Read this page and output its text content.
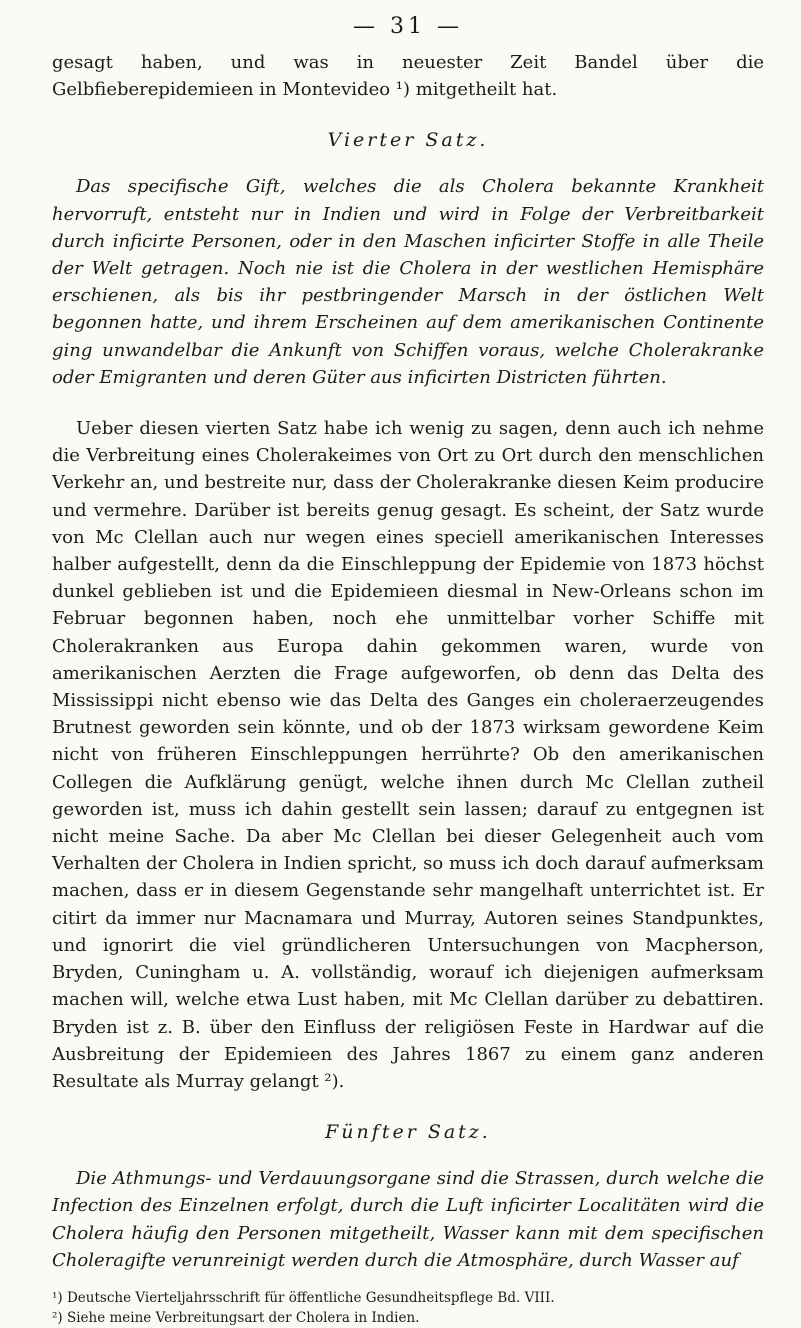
— 31 —

gesagt haben, und was in neuester Zeit Bandel über die Gelbfieberepidemieen in Montevideo ¹) mitgetheilt hat.

Vierter Satz.
Das specifische Gift, welches die als Cholera bekannte Krankheit hervorruft, entsteht nur in Indien und wird in Folge der Verbreitbarkeit durch inficirte Personen, oder in den Maschen inficirter Stoffe in alle Theile der Welt getragen. Noch nie ist die Cholera in der westlichen Hemisphäre erschienen, als bis ihr pestbringender Marsch in der östlichen Welt begonnen hatte, und ihrem Erscheinen auf dem amerikanischen Continente ging unwandelbar die Ankunft von Schiffen voraus, welche Cholerakranke oder Emigranten und deren Güter aus inficirten Districten führten.

Ueber diesen vierten Satz habe ich wenig zu sagen, denn auch ich nehme die Verbreitung eines Cholerakeimes von Ort zu Ort durch den menschlichen Verkehr an, und bestreite nur, dass der Cholerakranke diesen Keim producire und vermehre. Darüber ist bereits genug gesagt. Es scheint, der Satz wurde von Mc Clellan auch nur wegen eines speciell amerikanischen Interesses halber aufgestellt, denn da die Einschleppung der Epidemie von 1873 höchst dunkel geblieben ist und die Epidemieen diesmal in New-Orleans schon im Februar begonnen haben, noch ehe unmittelbar vorher Schiffe mit Cholerakranken aus Europa dahin gekommen waren, wurde von amerikanischen Aerzten die Frage aufgeworfen, ob denn das Delta des Mississippi nicht ebenso wie das Delta des Ganges ein choleraerzeugendes Brutnest geworden sein könnte, und ob der 1873 wirksam gewordene Keim nicht von früheren Einschleppungen herrührte? Ob den amerikanischen Collegen die Aufklärung genügt, welche ihnen durch Mc Clellan zutheil geworden ist, muss ich dahin gestellt sein lassen; darauf zu entgegnen ist nicht meine Sache. Da aber Mc Clellan bei dieser Gelegenheit auch vom Verhalten der Cholera in Indien spricht, so muss ich doch darauf aufmerksam machen, dass er in diesem Gegenstande sehr mangelhaft unterrichtet ist. Er citirt da immer nur Macnamara und Murray, Autoren seines Standpunktes, und ignorirt die viel gründlicheren Untersuchungen von Macpherson, Bryden, Cuningham u. A. vollständig, worauf ich diejenigen aufmerksam machen will, welche etwa Lust haben, mit Mc Clellan darüber zu debattiren. Bryden ist z. B. über den Einfluss der religiösen Feste in Hardwar auf die Ausbreitung der Epidemieen des Jahres 1867 zu einem ganz anderen Resultate als Murray gelangt ²).

Fünfter Satz.
Die Athmungs- und Verdauungsorgane sind die Strassen, durch welche die Infection des Einzelnen erfolgt, durch die Luft inficirter Localitäten wird die Cholera häufig den Personen mitgetheilt, Wasser kann mit dem specifischen Choleragifte verunreinigt werden durch die Atmosphäre, durch Wasser auf
¹) Deutsche Vierteljahrsschrift für öffentliche Gesundheitspflege Bd. VIII.
²) Siehe meine Verbreitungsart der Cholera in Indien.
